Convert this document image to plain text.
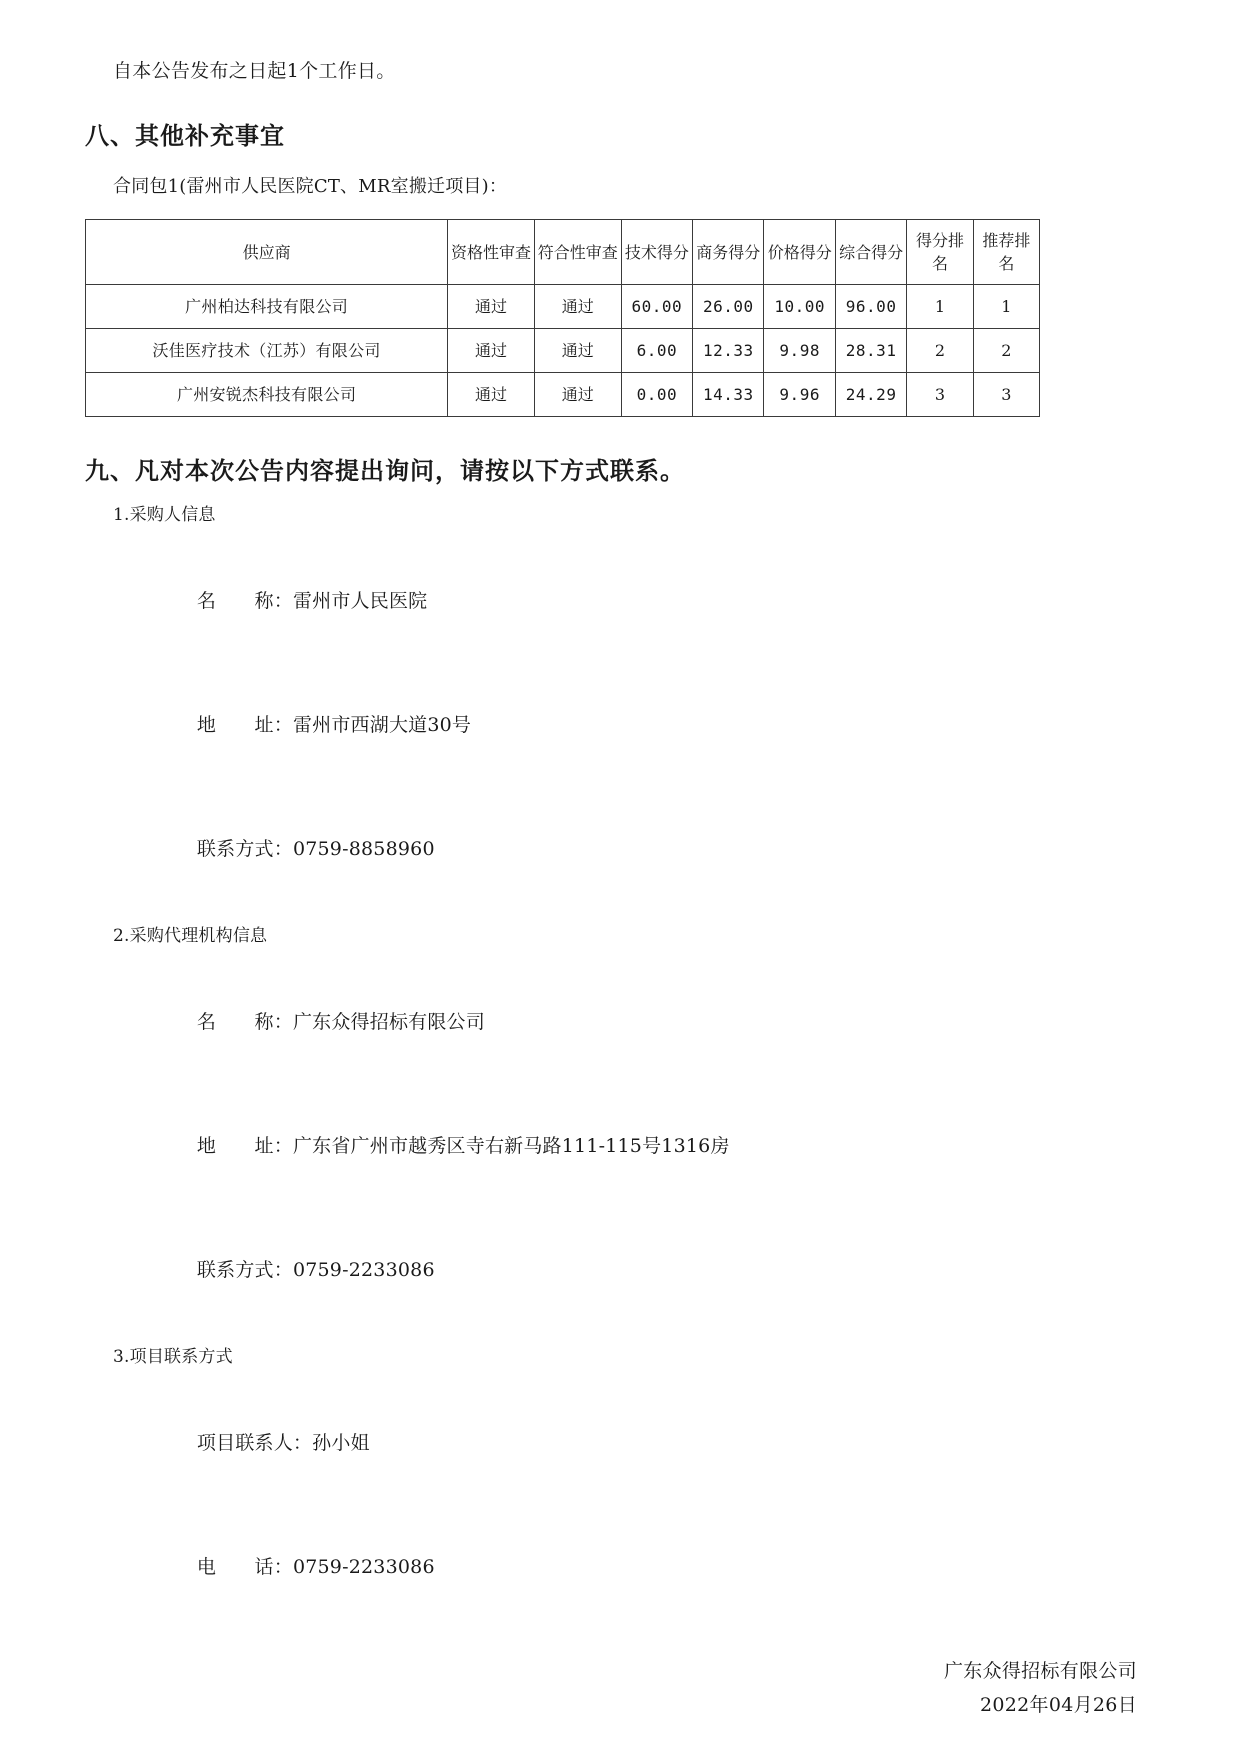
自本公告发布之日起1个工作日。

八、其他补充事宜

合同包1(雷州市人民医院CT、MR室搬迁项目)：

供应商	资格性审查	符合性审查	技术得分	商务得分	价格得分	综合得分	得分排名	推荐排名
广州柏达科技有限公司	通过	通过	60.00	26.00	10.00	96.00	1	1
沃佳医疗技术（江苏）有限公司	通过	通过	6.00	12.33	9.98	28.31	2	2
广州安锐杰科技有限公司	通过	通过	0.00	14.33	9.96	24.29	3	3
九、凡对本次公告内容提出询问，请按以下方式联系。

1.采购人信息

名　　称：雷州市人民医院

地　　址：雷州市西湖大道30号

联系方式：0759-8858960

2.采购代理机构信息

名　　称：广东众得招标有限公司

地　　址：广东省广州市越秀区寺右新马路111-115号1316房

联系方式：0759-2233086

3.项目联系方式

项目联系人：孙小姐

电　　话：0759-2233086

广东众得招标有限公司
2022年04月26日
